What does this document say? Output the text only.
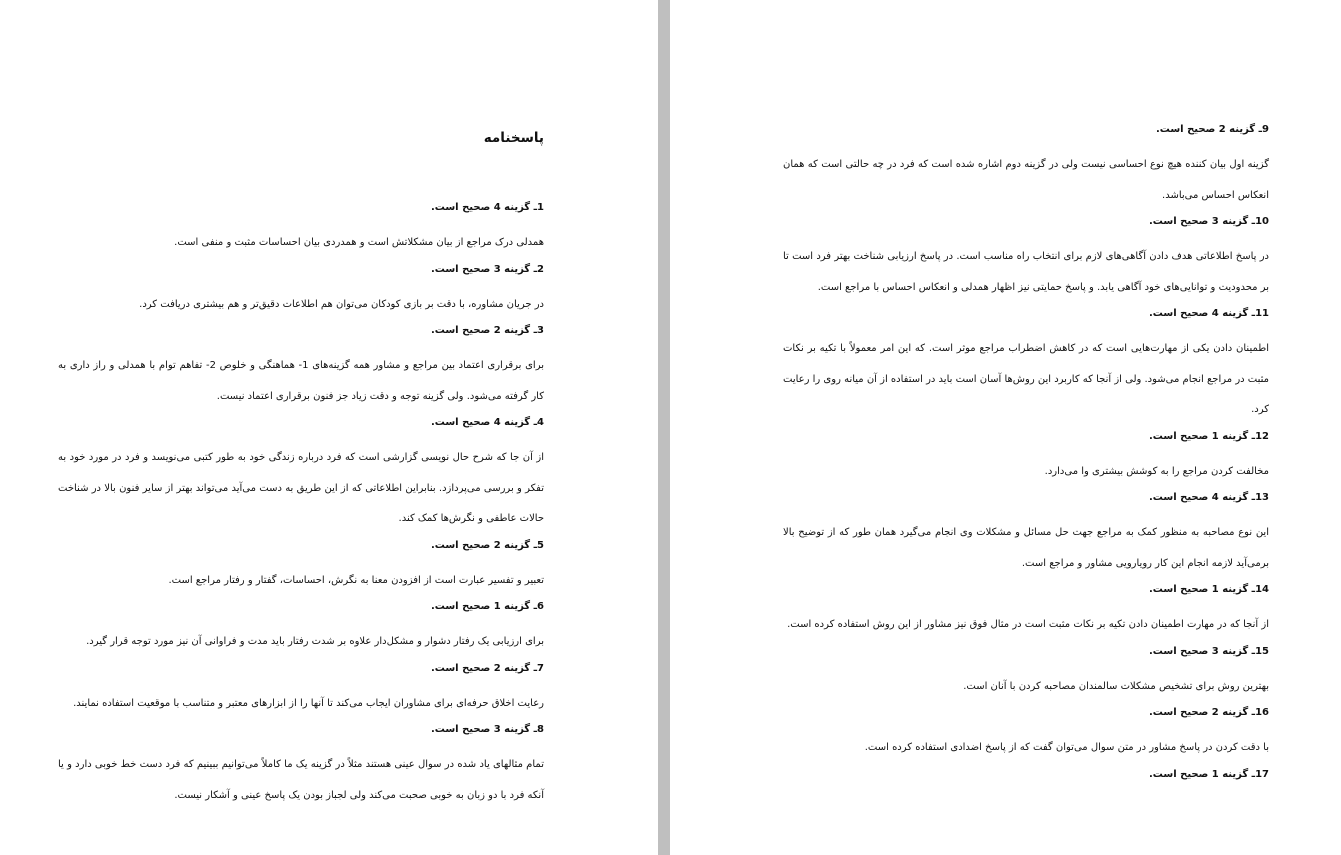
پاسخنامه

1ـ گزینه 4 صحیح است.

همدلی درک مراجع از بیان مشکلاتش است و همدردی بیان احساسات مثبت و منفی است.

2ـ گزینه 3 صحیح است.

در جریان مشاوره، با دقت بر بازی کودکان می‌توان هم اطلاعات دقیق‌تر و هم بیشتری دریافت کرد.

3ـ گزینه 2 صحیح است.

برای برقراری اعتماد بین مراجع و مشاور همه گزینه‌های 1- هماهنگی و خلوص 2- تفاهم توام با همدلی و راز داری به کار گرفته می‌شود. ولی گزینه توجه و دقت زیاد جز فنون برقراری اعتماد نیست.

4ـ گزینه 4 صحیح است.

از آن جا که شرح حال نویسی گزارشی است که فرد درباره زندگی خود به طور کتبی می‌نویسد و فرد در مورد خود به تفکر و بررسی می‌پردازد. بنابراین اطلاعاتی که از این طریق به دست می‌آید می‌تواند بهتر از سایر فنون بالا در شناخت حالات عاطفی و نگرش‌ها کمک کند.

5ـ گزینه 2 صحیح است.

تعبیر و تفسیر عبارت است از افزودن معنا به نگرش، احساسات، گفتار و رفتار مراجع است.

6ـ گزینه 1 صحیح است.

برای ارزیابی یک رفتار دشوار و مشکل‌دار علاوه بر شدت رفتار باید مدت و فراوانی آن نیز مورد توجه قرار گیرد.

7ـ گزینه 2 صحیح است.

رعایت اخلاق حرفه‌ای برای مشاوران ایجاب می‌کند تا آنها را از ابزارهای معتبر و متناسب با موقعیت استفاده نمایند.

8ـ گزینه 3 صحیح است.

تمام مثالهای یاد شده در سوال عینی هستند مثلاً در گزینه یک ما کاملاً می‌توانیم ببینیم که فرد دست خط خوبی دارد و یا آنکه فرد با دو زبان به خوبی صحبت می‌کند ولی لجباز بودن یک پاسخ عینی و آشکار نیست.

9ـ گزینه 2 صحیح است.

گزینه اول بیان کننده هیچ نوع احساسی نیست ولی در گزینه دوم اشاره شده است که فرد در چه حالتی است که همان انعکاس احساس می‌باشد.

10ـ گزینه 3 صحیح است.

در پاسخ اطلاعاتی هدف دادن آگاهی‌های لازم برای انتخاب راه مناسب است. در پاسخ ارزیابی شناخت بهتر فرد است تا بر محدودیت و توانایی‌های خود آگاهی یابد. و پاسخ حمایتی نیز اظهار همدلی و انعکاس احساس با مراجع است.

11ـ گزینه 4 صحیح است.

اطمینان دادن یکی از مهارت‌هایی است که در کاهش اضطراب مراجع موثر است. که این امر معمولاً با تکیه بر نکات مثبت در مراجع انجام می‌شود. ولی از آنجا که کاربرد این روش‌ها آسان است باید در استفاده از آن میانه روی را رعایت کرد.

12ـ گزینه 1 صحیح است.

مخالفت کردن مراجع را به کوشش بیشتری وا می‌دارد.

13ـ گزینه 4 صحیح است.

این نوع مصاحبه به منظور کمک به مراجع جهت حل مسائل و مشکلات وی انجام می‌گیرد همان طور که از توضیح بالا برمی‌آید لازمه انجام این کار رویارویی مشاور و مراجع است.

14ـ گزینه 1 صحیح است.

از آنجا که در مهارت اطمینان دادن تکیه بر نکات مثبت است در مثال فوق نیز مشاور از این روش استفاده کرده است.

15ـ گزینه 3 صحیح است.

بهترین روش برای تشخیص مشکلات سالمندان مصاحبه کردن با آنان است.

16ـ گزینه 2 صحیح است.

با دقت کردن در پاسخ مشاور در متن سوال می‌توان گفت که از پاسخ اضدادی استفاده کرده است.

17ـ گزینه 1 صحیح است.
